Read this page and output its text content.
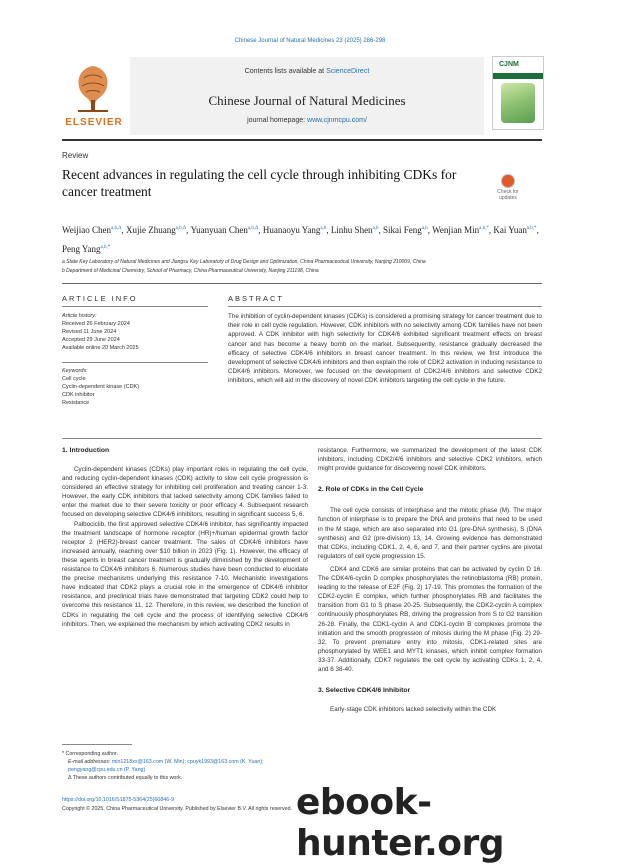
Chinese Journal of Natural Medicines 23 (2025) 286-298
ELSEVIER
Contents lists available at ScienceDirect
Chinese Journal of Natural Medicines
journal homepage: www.cjnmcpu.com/
CJNM
Review
Recent advances in regulating the cell cycle through inhibiting CDKs for cancer treatment	Check for updates
Weijiao Chen$^{a,b,\Delta}$, Xujie Zhuang$^{a,b,\Delta}$, Yuanyuan Chen$^{a,b,\Delta}$, Huanaoyu Yang$^{a,b}$, Linhu Shen$^{a,b}$, Sikai Feng$^{a,b}$, Wenjian Min$^{a,b,*}$, Kai Yuan$^{a,b,*}$, Peng Yang$^{a,b,*}$
a State Key Laboratory of Natural Medicines and Jiangsu Key Laboratory of Drug Design and Optimization, China Pharmaceutical University, Nanjing 210009, China
b Department of Medicinal Chemistry, School of Pharmacy, China Pharmaceutical University, Nanjing 211198, China
ARTICLE INFO
Article history:
Received 26 February 2024
Revised 11 June 2024
Accepted 29 June 2024
Available online 20 March 2025
Keywords:
Cell cycle
Cyclin-dependent kinase (CDK)
CDK inhibitor
Resistance
ABSTRACT
The inhibition of cyclin-dependent kinases (CDKs) is considered a promising strategy for cancer treatment due to their role in cell cycle regulation. However, CDK inhibitors with no selectivity among CDK families have not been approved. A CDK inhibitor with high selectivity for CDK4/6 exhibited significant treatment effects on breast cancer and has become a heavy bomb on the market. Subsequently, resistance gradually decreased the efficacy of selective CDK4/6 inhibitors in breast cancer treatment. In this review, we first introduce the development of selective CDK4/6 inhibitors and then explain the role of CDK2 activation in inducing resistance to CDK4/6 inhibitors. Moreover, we focused on the development of CDK2/4/6 inhibitors and selective CDK2 inhibitors, which will aid in the discovery of novel CDK inhibitors targeting the cell cycle in the future.
1. Introduction

Cyclin-dependent kinases (CDKs) play important roles in regulating the cell cycle, and reducing cyclin-dependent kinases (CDK) activity to slow cell cycle progression is considered an effective strategy for inhibiting cell proliferation and treating cancer 1-3. However, the early CDK inhibitors that lacked selectivity among CDK families failed to enter the market due to their severe toxicity or poor efficacy 4. Subsequent research focused on developing selective CDK4/6 inhibitors, resulting in significant success 5, 6.

Palbociclib, the first approved selective CDK4/6 inhibitor, has significantly impacted the treatment landscape of hormone receptor (HR)+/human epidermal growth factor receptor 2 (HER2)-breast cancer treatment. The sales of CDK4/6 inhibitors have increased annually, reaching over $10 billion in 2023 (Fig. 1). However, the efficacy of these agents in breast cancer treatment is gradually diminished by the development of resistance to CDK4/6 inhibitors 6. Numerous studies have been conducted to elucidate the precise mechanisms underlying this resistance 7-10. Mechanistic investigations have indicated that CDK2 plays a crucial role in the emergence of CDK4/6 inhibitor resistance, and preclinical trials have demonstrated that targeting CDK2 could help to overcome this resistance 11, 12. Therefore, in this review, we described the function of CDKs in regulating the cell cycle and the process of identifying selective CDK4/6 inhibitors. Then, we explained the mechanism by which activating CDK2 results in

resistance. Furthermore, we summarized the development of the latest CDK inhibitors, including CDK2/4/6 inhibitors and selective CDK2 inhibitors, which might provide guidance for discovering novel CDK inhibitors.

2. Role of CDKs in the Cell Cycle

The cell cycle consists of interphase and the mitotic phase (M). The major function of interphase is to prepare the DNA and proteins that need to be used in the M stage, which are also separated into G1 (pre-DNA synthesis), S (DNA synthesis) and G2 (pre-division) 13, 14. Growing evidence has demonstrated that CDKs, including CDK1, 2, 4, 6, and 7, and their partner cyclins are pivotal regulators of cell cycle progression 15.

CDK4 and CDK6 are similar proteins that can be activated by cyclin D 16. The CDK4/6-cyclin D complex phosphorylates the retinoblastoma (RB) protein, leading to the release of E2F (Fig. 2) 17-19. This promotes the formation of the CDK2-cyclin E complex, which further phosphorylates RB and facilitates the transition from G1 to S phase 20-25. Subsequently, the CDK2-cyclin A complex continuously phosphorylates RB, driving the progression from S to G2 transition 26-28. Finally, the CDK1-cyclin A and CDK1-cyclin B complexes promote the initiation and the smooth progression of mitosis during the M phase (Fig. 2) 29-32. To prevent premature entry into mitosis, CDK1-related sites are phosphorylated by WEE1 and MYT1 kinases, which inhibit complex formation 33-37. Additionally, CDK7 regulates the cell cycle by activating CDKs 1, 2, 4, and 6 38-40.

3. Selective CDK4/6 Inhibitor

Early-stage CDK inhibitors lacked selectivity within the CDK

* Corresponding author.
E-mail addresses: min1218xx@163.com (W. Min); cpuyk1993@163.com (K. Yuan); pengyang@cpu.edu.cn (P. Yang)
Δ These authors contributed equally to this work.
https://doi.org/10.1016/S1875-5364(25)60846-9
Copyright © 2025, China Pharmaceutical University. Published by Elsevier B.V. All rights reserved. ebook-hunter.org
